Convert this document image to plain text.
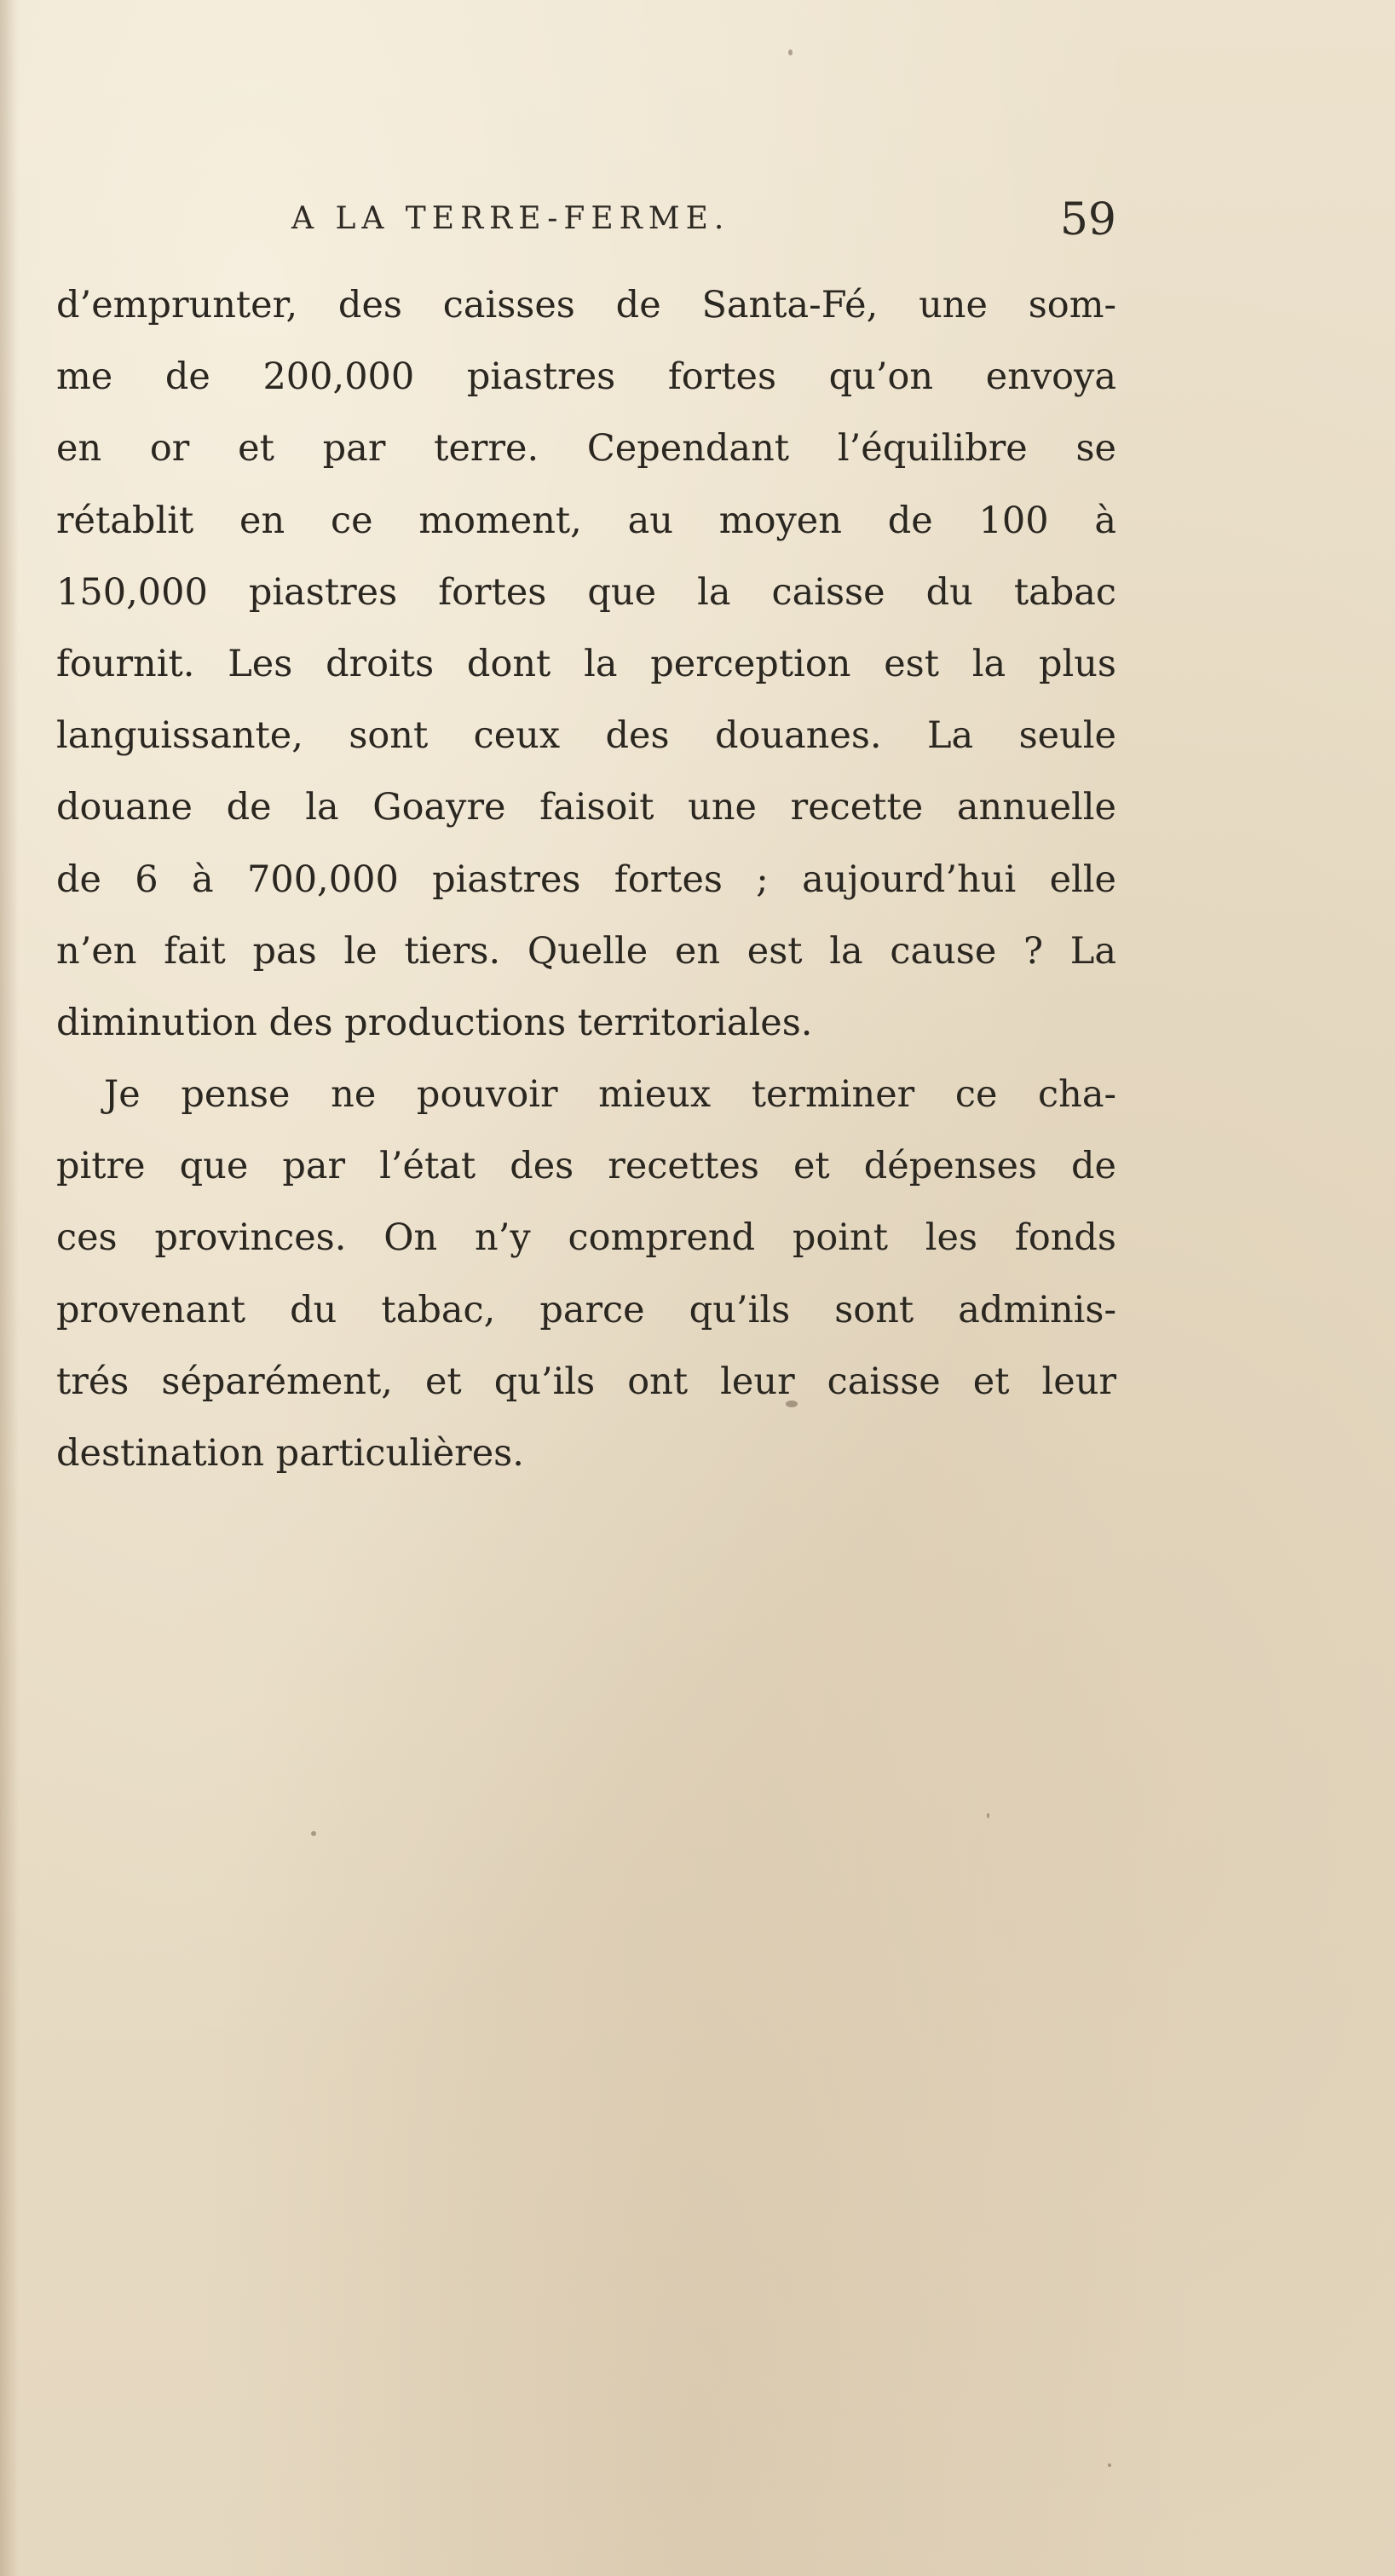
A LA TERRE-FERME.	59
d’emprunter, des caisses de Santa-Fé, une som-
me de 200,000 piastres fortes qu’on envoya
en or et par terre. Cependant l’équilibre se
rétablit en ce moment, au moyen de 100 à
150,000 piastres fortes que la caisse du tabac
fournit. Les droits dont la perception est la plus
languissante, sont ceux des douanes. La seule
douane de la Goayre faisoit une recette annuelle
de 6 à 700,000 piastres fortes ; aujourd’hui elle
n’en fait pas le tiers. Quelle en est la cause ? La
diminution des productions territoriales.
Je pense ne pouvoir mieux terminer ce cha-
pitre que par l’état des recettes et dépenses de
ces provinces. On n’y comprend point les fonds
provenant du tabac, parce qu’ils sont adminis-
trés séparément, et qu’ils ont leur caisse et leur
destination particulières.
